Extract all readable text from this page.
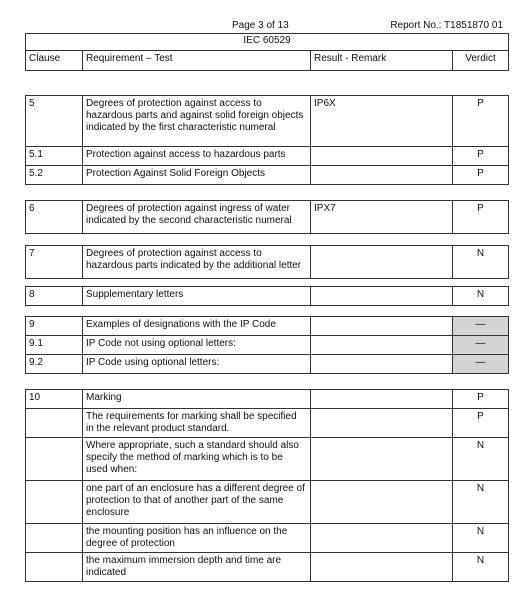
Page 3 of 13	Report No.: T1851870 01
IEC 60529
Clause	Requirement – Test	Result - Remark	Verdict
5	Degrees of protection against access to hazardous parts and against solid foreign objects indicated by the first characteristic numeral	IP6X	P
5.1	Protection against access to hazardous parts		P
5.2	Protection Against Solid Foreign Objects		P
6	Degrees of protection against ingress of water indicated by the second characteristic numeral	IPX7	P
7	Degrees of protection against access to hazardous parts indicated by the additional letter		N
8	Supplementary letters		N
9	Examples of designations with the IP Code		—
9.1	IP Code not using optional letters:		—
9.2	IP Code using optional letters:		—
10	Marking		P
	The requirements for marking shall be specified in the relevant product standard.		P
	Where appropriate, such a standard should also specify the method of marking which is to be used when:		N
	one part of an enclosure has a different degree of protection to that of another part of the same enclosure		N
	the mounting position has an influence on the degree of protection		N
	the maximum immersion depth and time are indicated		N
